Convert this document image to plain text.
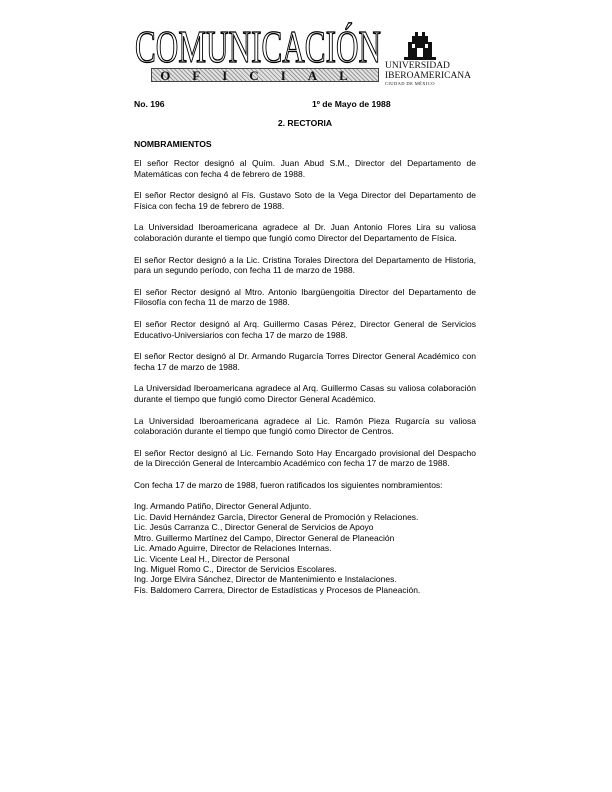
COMUNICACIÓN
OFICIAL
UNIVERSIDAD
IBEROAMERICANA
CIUDAD DE MÉXICO
No. 196	1º de Mayo de 1988
2. RECTORIA
NOMBRAMIENTOS

El señor Rector designó al Quím. Juan Abud S.M., Director del Departamento de Matemáticas con fecha 4 de febrero de 1988.

El señor Rector designó al Fís. Gustavo Soto de la Vega Director del Departamento de Física con fecha 19 de febrero de 1988.

La Universidad Iberoamericana agradece al Dr. Juan Antonio Flores Lira su valiosa colaboración durante el tiempo que fungió como Director del Departamento de Física.

El señor Rector designó a la Lic. Cristina Torales Directora del Departamento de Historia, para un segundo período, con fecha 11 de marzo de 1988.

El señor Rector designó al Mtro. Antonio Ibargüengoitia Director del Departamento de Filosofía con fecha 11 de marzo de 1988.

El señor Rector designó al Arq. Guillermo Casas Pérez, Director General de Servicios Educativo-Universiarios con fecha 17 de marzo de 1988.

El señor Rector designó al Dr. Armando Rugarcía Torres Director General Académico con fecha 17 de marzo de 1988.

La Universidad Iberoamericana agradece al Arq. Guillermo Casas su valiosa colaboración durante el tiempo que fungió como Director General Académico.

La Universidad Iberoamericana agradece al Lic. Ramón Pieza Rugarcía su valiosa colaboración durante el tiempo que fungió como Director de Centros.

El señor Rector designó al Lic. Fernando Soto Hay Encargado provisional del Despacho de la Dirección General de Intercambio Académico con fecha 17 de marzo de 1988.

Con fecha 17 de marzo de 1988, fueron ratificados los siguientes nombramientos:

Ing. Armando Patiño, Director General Adjunto.
Lic. David Hernández García, Director General de Promoción y Relaciones.
Lic. Jesús Carranza C., Director General de Servicios de Apoyo
Mtro. Guillermo Martínez del Campo, Director General de Planeación
Lic. Amado Aguirre, Director de Relaciones Internas.
Lic. Vicente Leal H., Director de Personal
Ing. Miguel Romo C., Director de Servicios Escolares.
Ing. Jorge Elvira Sánchez, Director de Mantenimiento e Instalaciones.
Fís. Baldomero Carrera, Director de Estadísticas y Procesos de Planeación.
